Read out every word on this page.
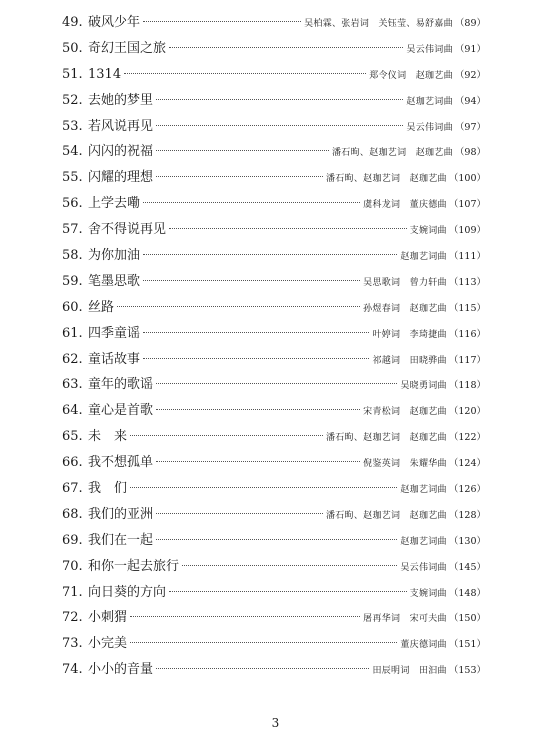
49. 破风少年	吴柏霖、张岩词　关钰莹、易舒嘉曲 （89）
50. 奇幻王国之旅	吴云伟词曲 （91）
51. 1314	郑令仪词　赵珈艺曲 （92）
52. 去她的梦里	赵珈艺词曲 （94）
53. 若风说再见	吴云伟词曲 （97）
54. 闪闪的祝福	潘石昫、赵珈艺词　赵珈艺曲 （98）
55. 闪耀的理想	潘石昫、赵珈艺词　赵珈艺曲 （100）
56. 上学去嘞	虞科龙词　董庆德曲 （107）
57. 舍不得说再见	支婉词曲 （109）
58. 为你加油	赵珈艺词曲 （111）
59. 笔墨思歌	吴思歌词　曾力轩曲 （113）
60. 丝路	孙煜春词　赵珈艺曲 （115）
61. 四季童谣	叶婷词　李琦捷曲 （116）
62. 童话故事	祁越词　田晓骅曲 （117）
63. 童年的歌谣	吴晓勇词曲 （118）
64. 童心是首歌	宋青松词　赵珈艺曲 （120）
65. 未　来	潘石昫、赵珈艺词　赵珈艺曲 （122）
66. 我不想孤单	倪鉴英词　朱耀华曲 （124）
67. 我　们	赵珈艺词曲 （126）
68. 我们的亚洲	潘石昫、赵珈艺词　赵珈艺曲 （128）
69. 我们在一起	赵珈艺词曲 （130）
70. 和你一起去旅行	吴云伟词曲 （145）
71. 向日葵的方向	支婉词曲 （148）
72. 小刺猬	屠再华词　宋可夫曲 （150）
73. 小完美	董庆德词曲 （151）
74. 小小的音量	田辰明词　田汩曲 （153）
3
